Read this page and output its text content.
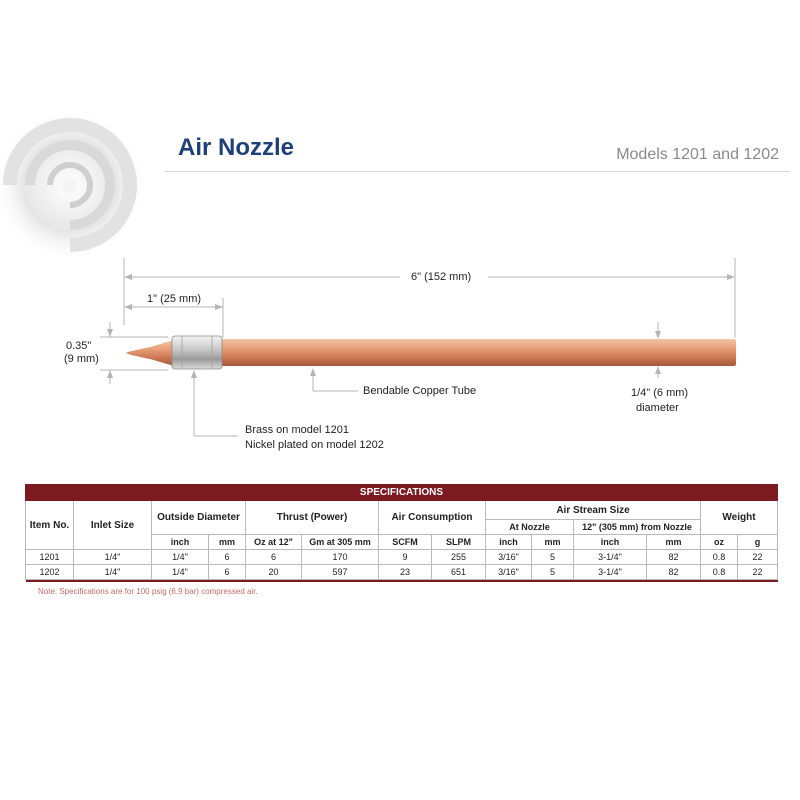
Air Nozzle	Models 1201 and 1202
6" (152 mm)
1" (25 mm)
0.35"
(9 mm)
Bendable Copper Tube	1/4" (6 mm)
diameter
Brass on model 1201
Nickel plated on model 1202
SPECIFICATIONS													
Item No.	Inlet Size	Outside Diameter		Thrust (Power)		Air Consumption		Air Stream Size				Weight	
								At Nozzle		12" (305 mm) from Nozzle			
		inch	mm	Oz at 12"	Gm at 305 mm	SCFM	SLPM	inch	mm	inch	mm	oz	g
1201	1/4"	1/4"	6	6	170	9	255	3/16"	5	3-1/4"	82	0.8	22
1202	1/4"	1/4"	6	20	597	23	651	3/16"	5	3-1/4"	82	0.8	22

Note: Specifications are for 100 psig (6.9 bar) compressed air.
